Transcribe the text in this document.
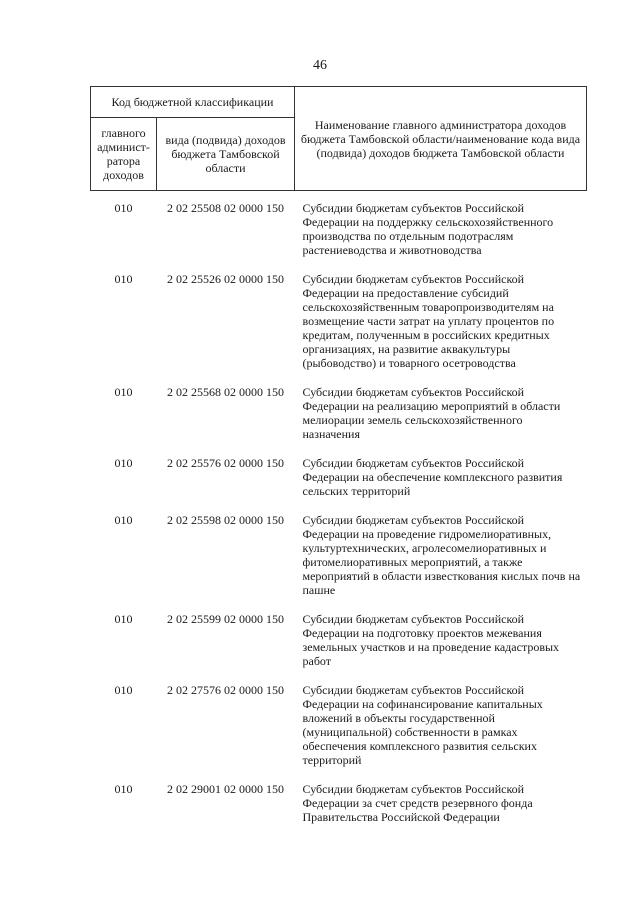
46
Код бюджетной классификации		Наименование главного администратора доходов бюджета Тамбовской области/наименование кода вида (подвида) доходов бюджета Тамбовской области
главного админист-ратора доходов	вида (подвида) доходов бюджета Тамбовской области	
010	2 02 25508 02 0000 150	Субсидии бюджетам субъектов Российской Федерации на поддержку сельскохозяйственного производства по отдельным подотраслям растениеводства и животноводства
010	2 02 25526 02 0000 150	Субсидии бюджетам субъектов Российской Федерации на предоставление субсидий сельскохозяйственным товаропроизводителям на возмещение части затрат на уплату процентов по кредитам, полученным в российских кредитных организациях, на развитие аквакультуры (рыбоводство) и товарного осетроводства
010	2 02 25568 02 0000 150	Субсидии бюджетам субъектов Российской Федерации на реализацию мероприятий в области мелиорации земель сельскохозяйственного назначения
010	2 02 25576 02 0000 150	Субсидии бюджетам субъектов Российской Федерации на обеспечение комплексного развития сельских территорий
010	2 02 25598 02 0000 150	Субсидии бюджетам субъектов Российской Федерации на проведение гидромелиоративных, культуртехнических, агролесомелиоративных и фитомелиоративных мероприятий, а также мероприятий в области известкования кислых почв на пашне
010	2 02 25599 02 0000 150	Субсидии бюджетам субъектов Российской Федерации на подготовку проектов межевания земельных участков и на проведение кадастровых работ
010	2 02 27576 02 0000 150	Субсидии бюджетам субъектов Российской Федерации на софинансирование капитальных вложений в объекты государственной (муниципальной) собственности в рамках обеспечения комплексного развития сельских территорий
010	2 02 29001 02 0000 150	Субсидии бюджетам субъектов Российской Федерации за счет средств резервного фонда Правительства Российской Федерации
